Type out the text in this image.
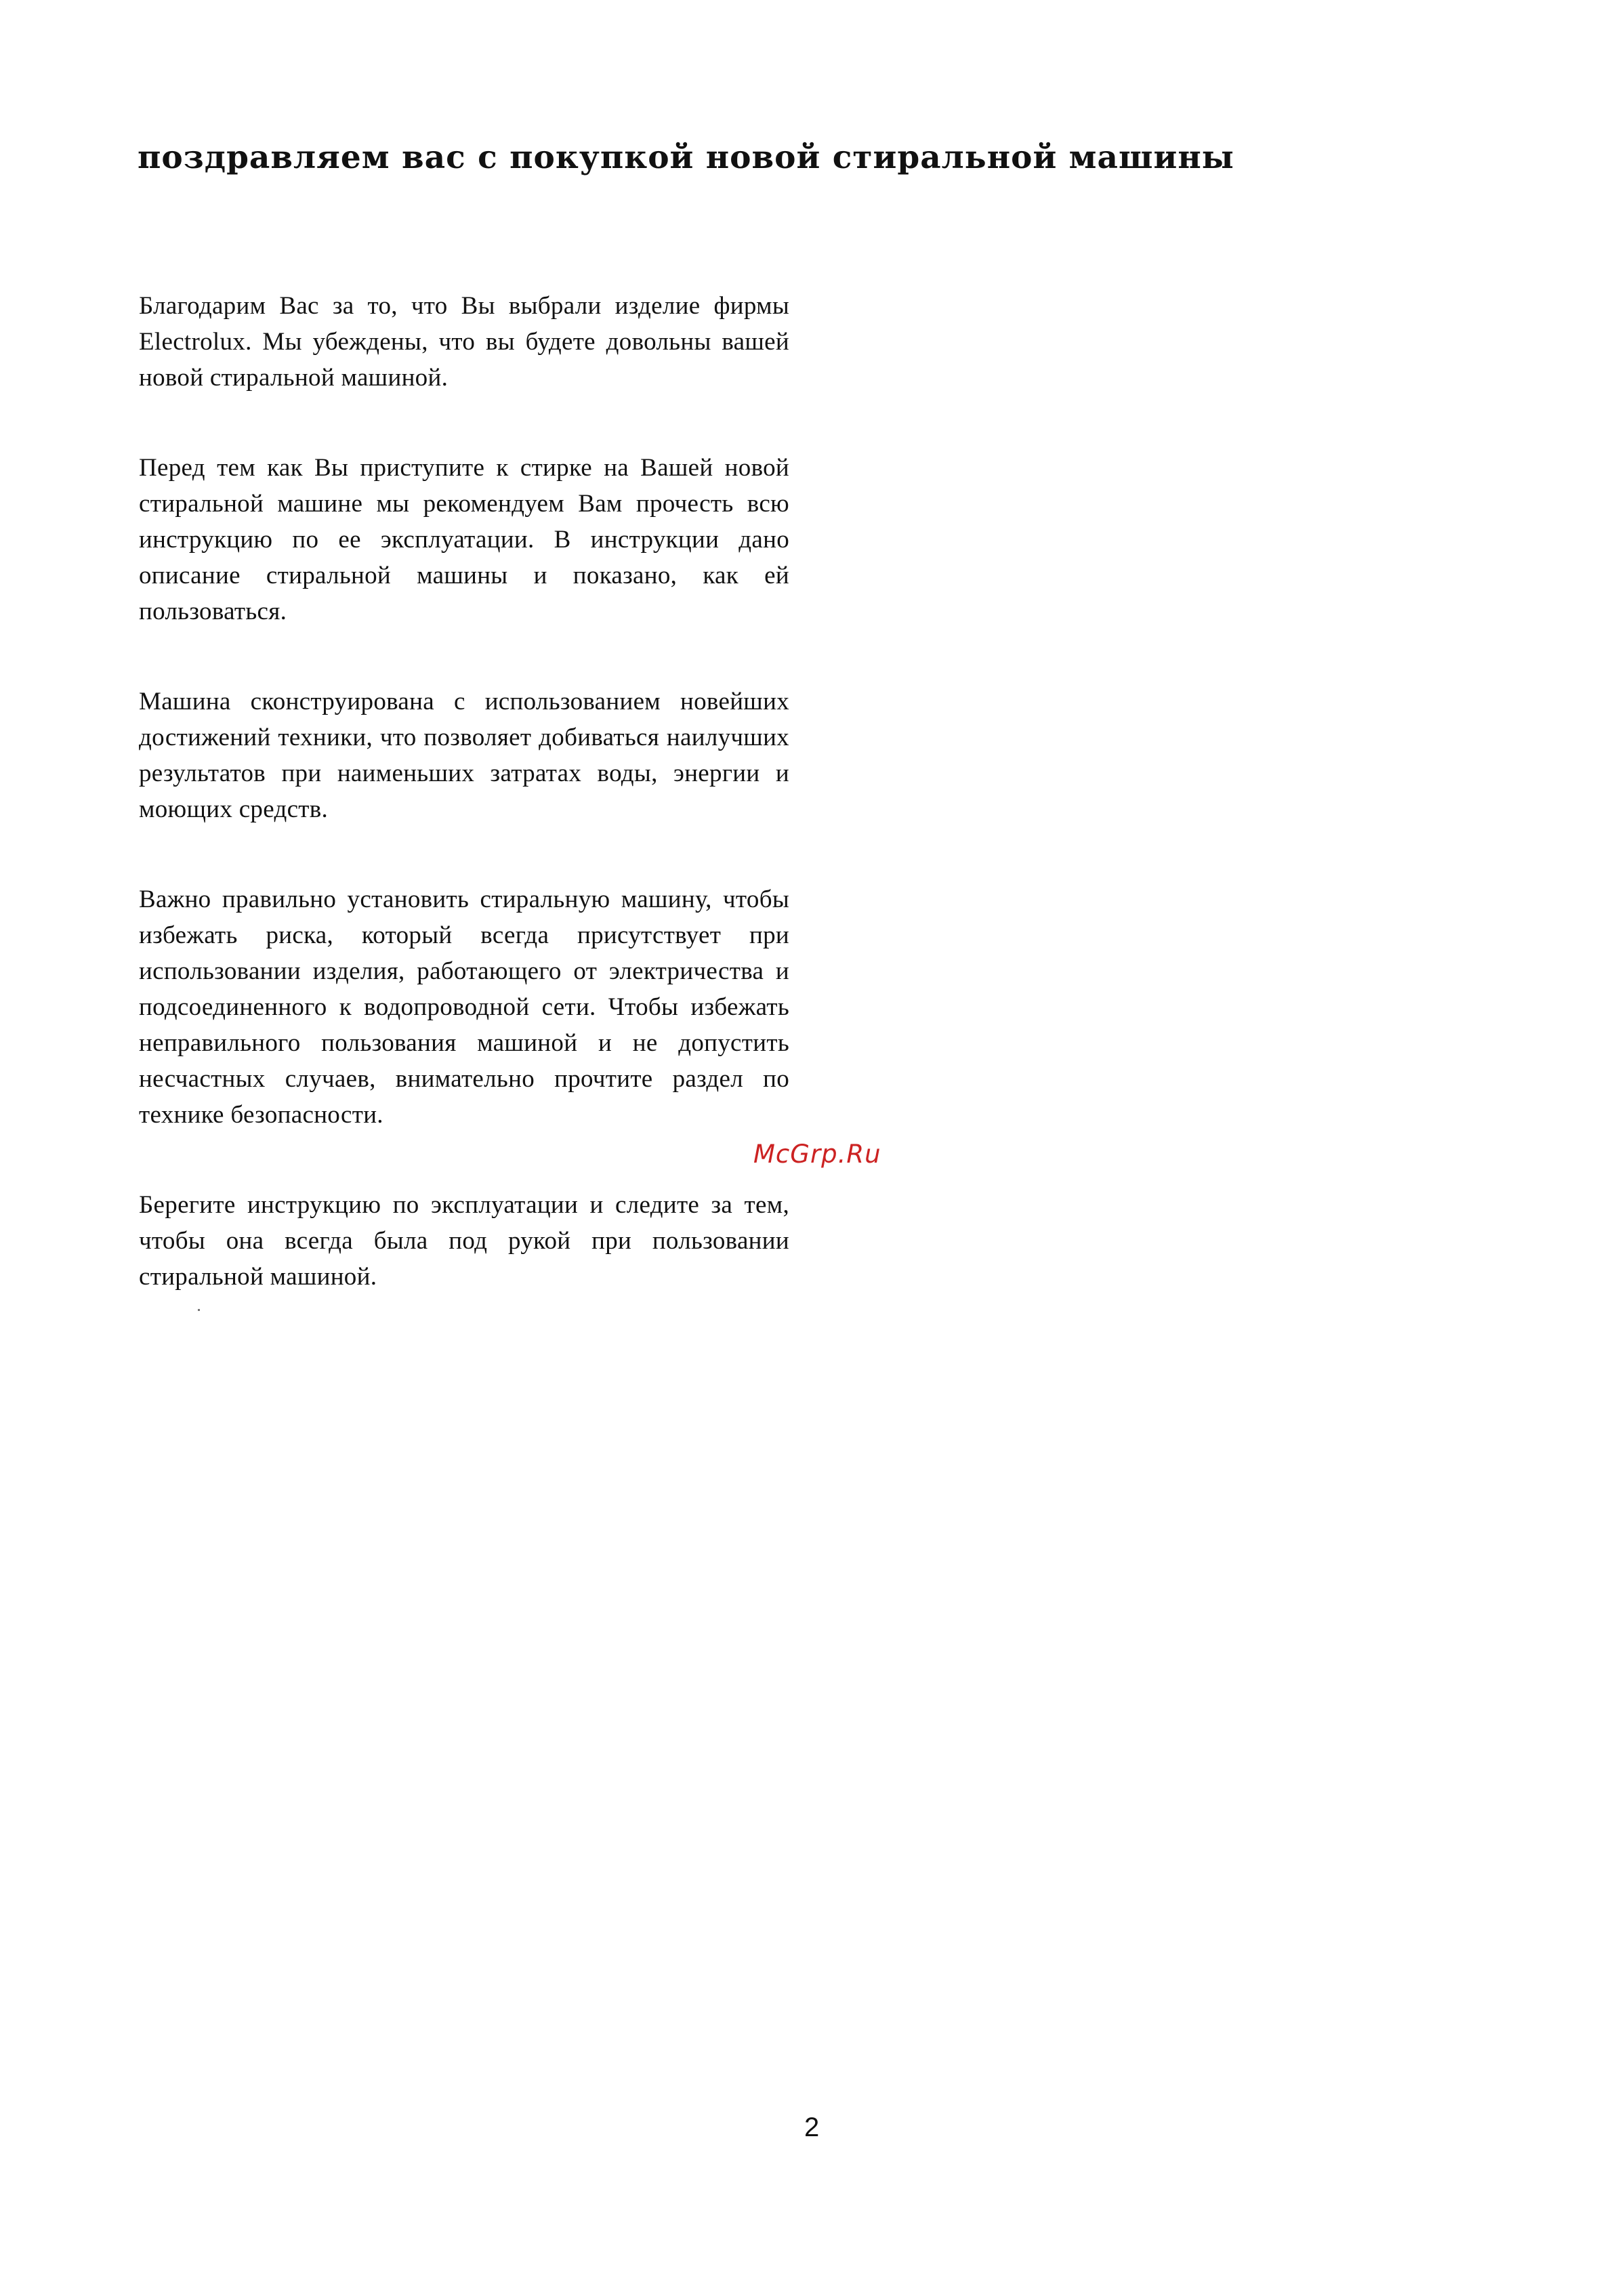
поздравляем вас с покупкой новой стиральной машины

Благодарим Вас за то, что Вы выбрали изделие фирмы Electrolux. Мы убеждены, что вы будете довольны вашей новой стиральной машиной.

Перед тем как Вы приступите к стирке на Вашей новой стиральной машине мы рекомендуем Вам прочесть всю инструкцию по ее эксплуатации. В инструкции дано описание стиральной машины и показано, как ей пользоваться.

Машина сконструирована с использованием новейших достижений техники, что позволяет добиваться наилучших результатов при наименьших затратах воды, энергии и моющих средств.

Важно правильно установить стиральную машину, чтобы избежать риска, который всегда присутствует при использовании изделия, работающего от электричества и подсоединенного к водопроводной сети. Чтобы избежать неправильного пользования машиной и не допустить несчастных случаев, внимательно прочтите раздел по технике безопасности.

Берегите инструкцию по эксплуатации и следите за тем, чтобы она всегда была под рукой при пользовании стиральной машиной.

McGrp.Ru
2
